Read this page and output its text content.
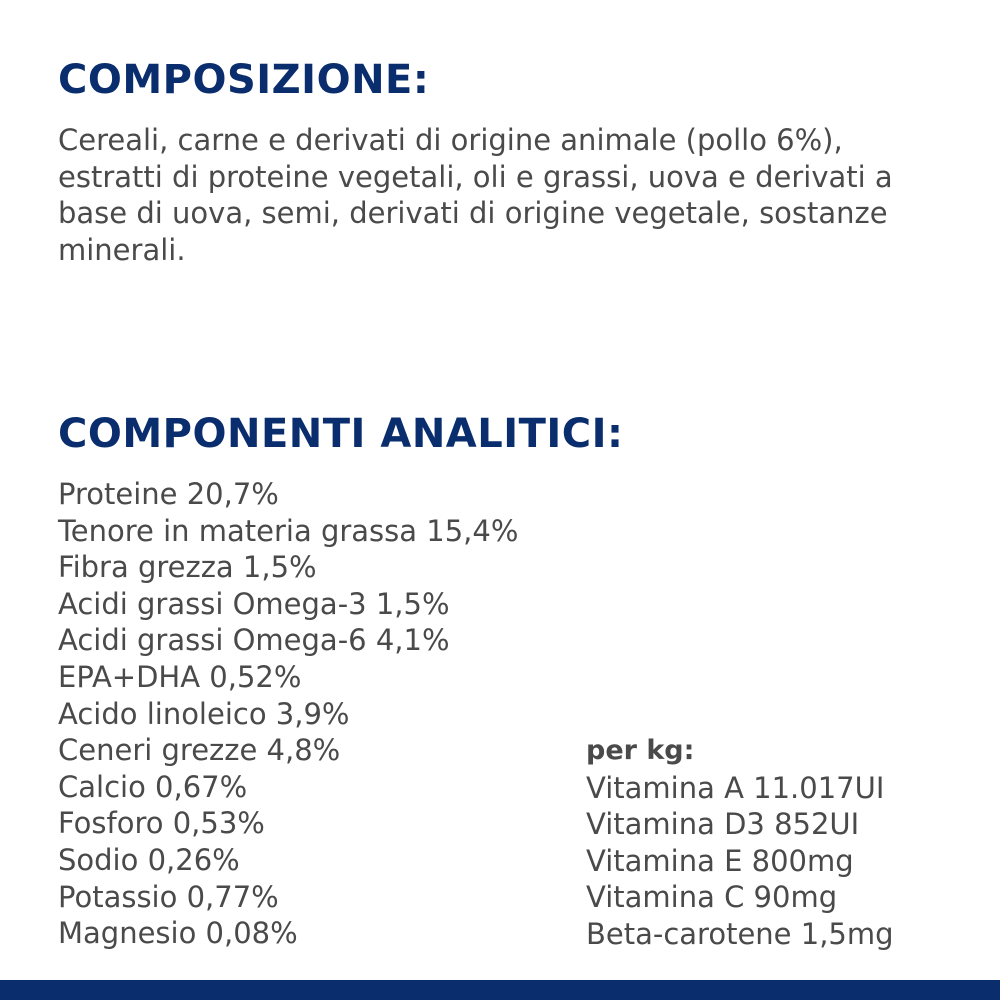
COMPOSIZIONE:

Cereali, carne e derivati di origine animale (pollo 6%), estratti di proteine vegetali, oli e grassi, uova e derivati a base di uova, semi, derivati di origine vegetale, sostanze minerali.

COMPONENTI ANALITICI:
Proteine 20,7%
Tenore in materia grassa 15,4%
Fibra grezza 1,5%
Acidi grassi Omega-3 1,5%
Acidi grassi Omega-6 4,1%
EPA+DHA 0,52%
Acido linoleico 3,9%
Ceneri grezze 4,8%
Calcio 0,67%
Fosforo 0,53%
Sodio 0,26%
Potassio 0,77%
Magnesio 0,08%

per kg:

Vitamina A 11.017UI
Vitamina D3 852UI
Vitamina E 800mg
Vitamina C 90mg
Beta-carotene 1,5mg
